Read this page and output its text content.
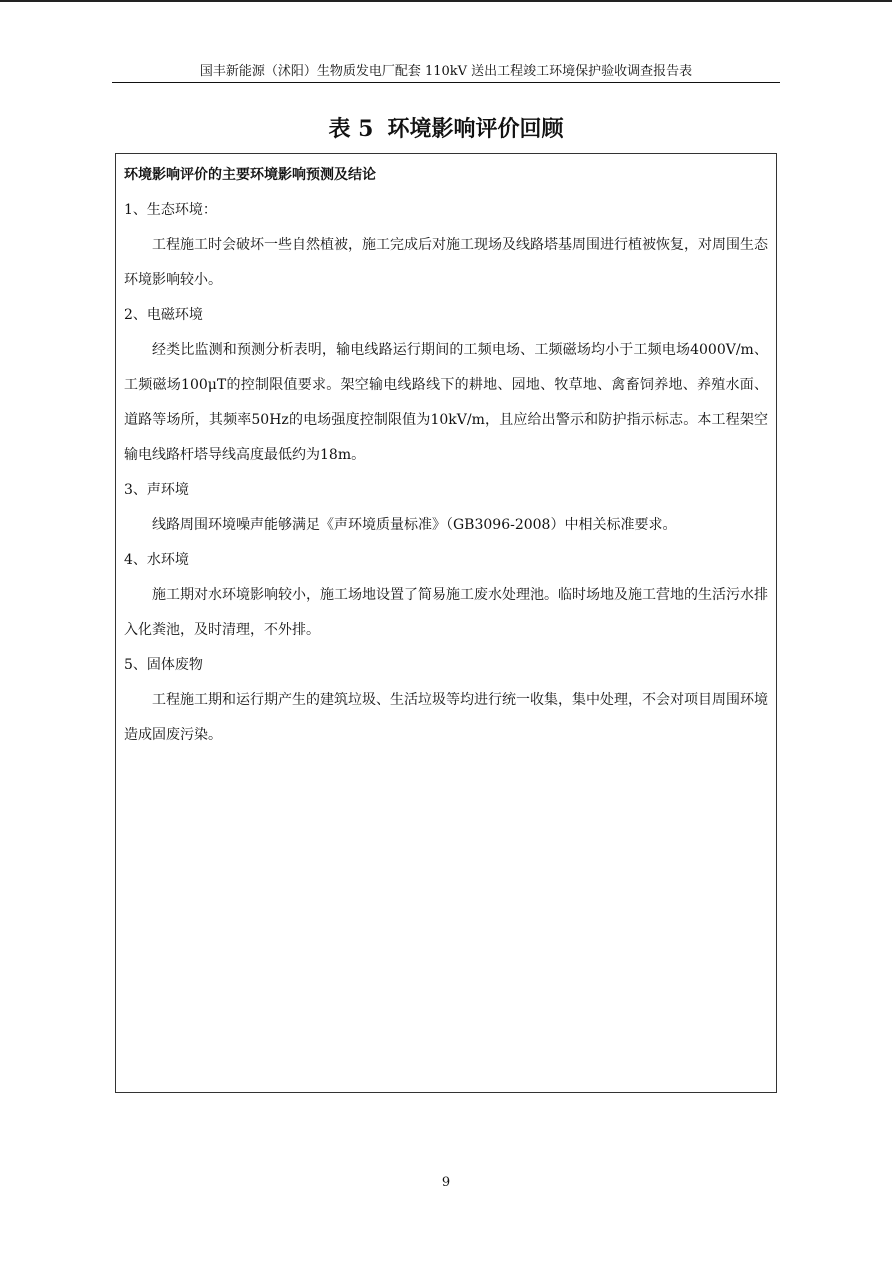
国丰新能源（沭阳）生物质发电厂配套 110kV 送出工程竣工环境保护验收调查报告表
表 5 环境影响评价回顾
环境影响评价的主要环境影响预测及结论
1、生态环境：
工程施工时会破坏一些自然植被，施工完成后对施工现场及线路塔基周围进行植被恢复，对周围生态环境影响较小。
2、电磁环境
经类比监测和预测分析表明，输电线路运行期间的工频电场、工频磁场均小于工频电场4000V/m、工频磁场100μT的控制限值要求。架空输电线路线下的耕地、园地、牧草地、禽畜饲养地、养殖水面、道路等场所，其频率50Hz的电场强度控制限值为10kV/m，且应给出警示和防护指示标志。本工程架空输电线路杆塔导线高度最低约为18m。
3、声环境
线路周围环境噪声能够满足《声环境质量标准》（GB3096-2008）中相关标准要求。
4、水环境
施工期对水环境影响较小，施工场地设置了简易施工废水处理池。临时场地及施工营地的生活污水排入化粪池，及时清理，不外排。
5、固体废物
工程施工期和运行期产生的建筑垃圾、生活垃圾等均进行统一收集，集中处理，不会对项目周围环境造成固废污染。
9
